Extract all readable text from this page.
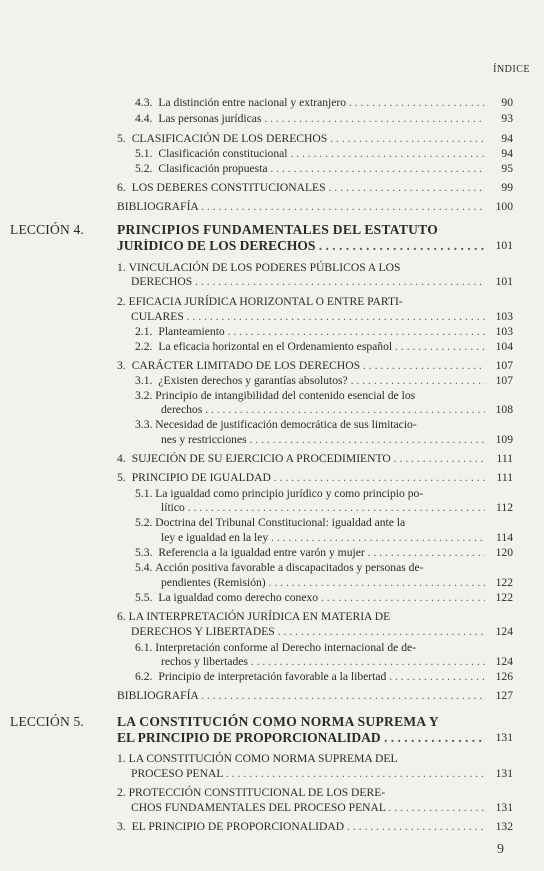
ÍNDICE
4.3. La distinción entre nacional y extranjero . . .	90
4.4. Las personas jurídicas . . .	93
5. CLASIFICACIÓN DE LOS DERECHOS . . .	94
5.1. Clasificación constitucional . . .	94
5.2. Clasificación propuesta . . .	95
6. LOS DEBERES CONSTITUCIONALES . . .	99
BIBLIOGRAFÍA . . .	100
LECCIÓN 4. PRINCIPIOS FUNDAMENTALES DEL ESTATUTO
JURÍDICO DE LOS DERECHOS . . .	101
1. VINCULACIÓN DE LOS PODERES PÚBLICOS A LOS
DERECHOS . . .	101
2. EFICACIA JURÍDICA HORIZONTAL O ENTRE PARTI-
CULARES . . .	103
2.1. Planteamiento . . .	103
2.2. La eficacia horizontal en el Ordenamiento español . . .	104
3. CARÁCTER LIMITADO DE LOS DERECHOS . . .	107
3.1. ¿Existen derechos y garantías absolutos? . . .	107
3.2. Principio de intangibilidad del contenido esencial de los
derechos . . .	108
3.3. Necesidad de justificación democrática de sus limitacio-
nes y restricciones . . .	109
4. SUJECIÓN DE SU EJERCICIO A PROCEDIMIENTO . . .	111
5. PRINCIPIO DE IGUALDAD . . .	111
5.1. La igualdad como principio jurídico y como principio po-
lítico . . .	112
5.2. Doctrina del Tribunal Constitucional: igualdad ante la
ley e igualdad en la ley . . .	114
5.3. Referencia a la igualdad entre varón y mujer . . .	120
5.4. Acción positiva favorable a discapacitados y personas de-
pendientes (Remisión) . . .	122
5.5. La igualdad como derecho conexo . . .	122
6. LA INTERPRETACIÓN JURÍDICA EN MATERIA DE
DERECHOS Y LIBERTADES . . .	124
6.1. Interpretación conforme al Derecho internacional de de-
rechos y libertades . . .	124
6.2. Principio de interpretación favorable a la libertad . . .	126
BIBLIOGRAFÍA . . .	127
LECCIÓN 5. LA CONSTITUCIÓN COMO NORMA SUPREMA Y
EL PRINCIPIO DE PROPORCIONALIDAD . . .	131
1. LA CONSTITUCIÓN COMO NORMA SUPREMA DEL
PROCESO PENAL . . .	131
2. PROTECCIÓN CONSTITUCIONAL DE LOS DERE-
CHOS FUNDAMENTALES DEL PROCESO PENAL . . .	131
3. EL PRINCIPIO DE PROPORCIONALIDAD . . .	132
9
